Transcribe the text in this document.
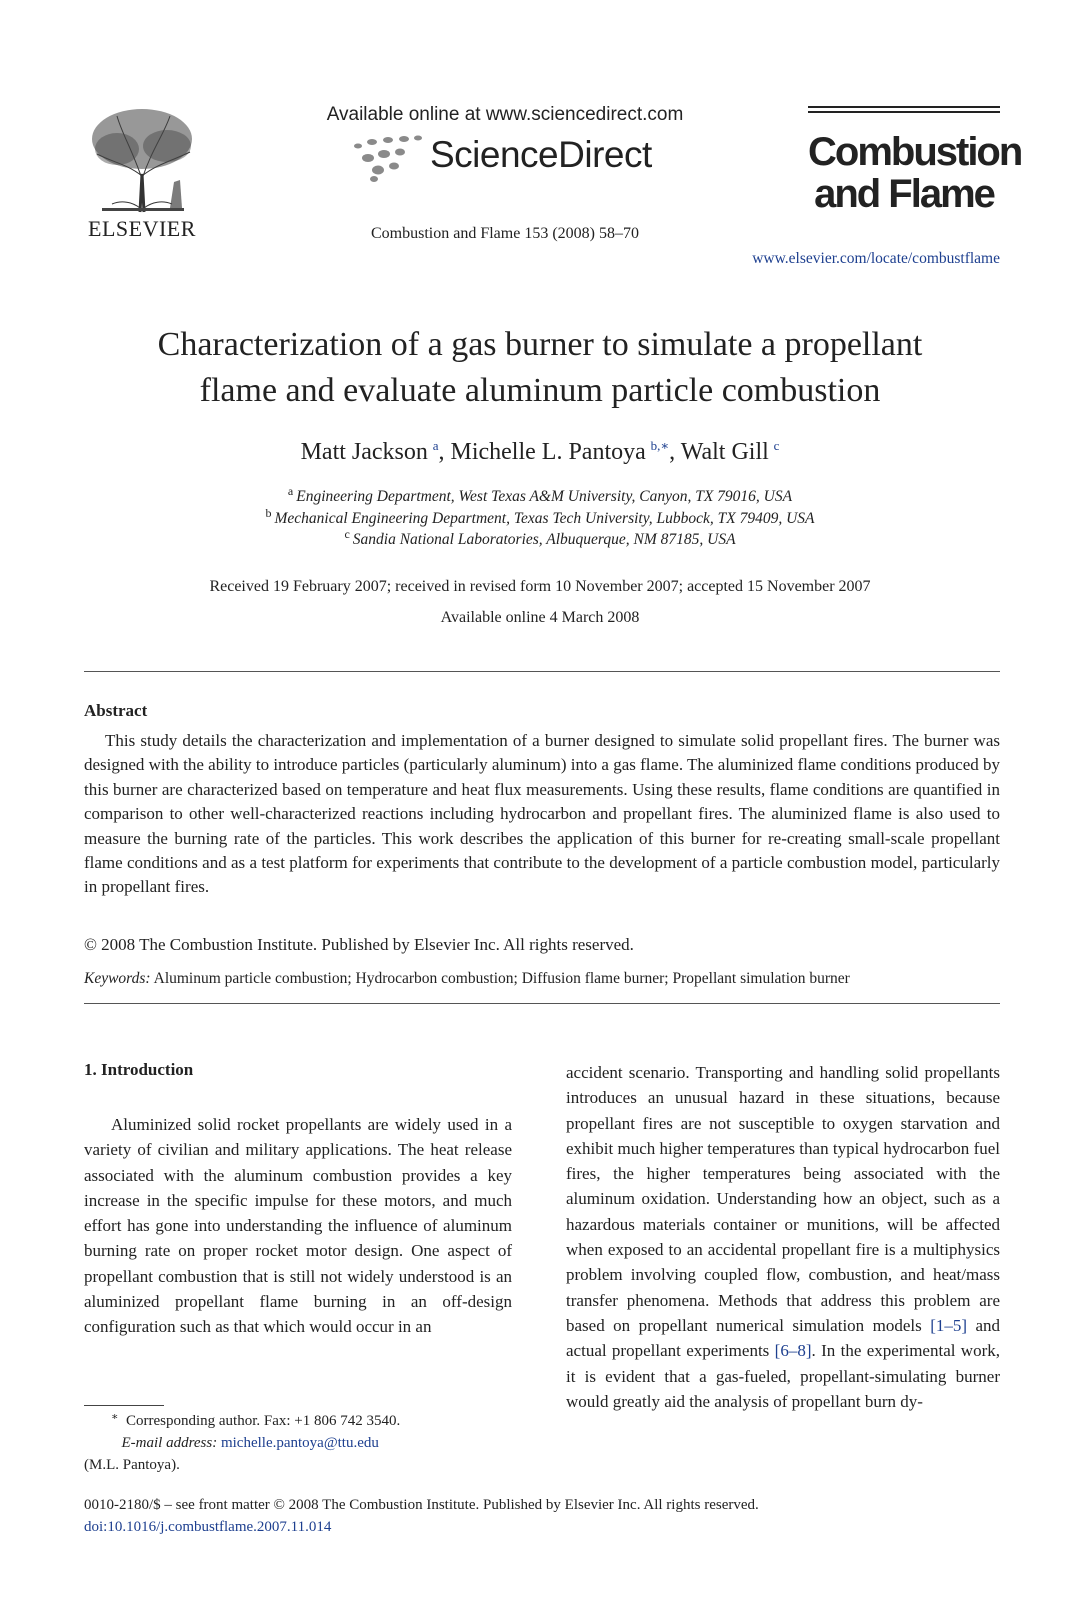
ELSEVIER
Available online at www.sciencedirect.com
ScienceDirect
Combustion and Flame 153 (2008) 58–70
Combustion
and Flame
www.elsevier.com/locate/combustflame
Characterization of a gas burner to simulate a propellant
flame and evaluate aluminum particle combustion
Matt Jackson  $^a$, Michelle L. Pantoya  $^{b,∗}$, Walt Gill  $^c$
$^a$ Engineering Department, West Texas A&M University, Canyon, TX 79016, USA
$^b$ Mechanical Engineering Department, Texas Tech University, Lubbock, TX 79409, USA
$^c$ Sandia National Laboratories, Albuquerque, NM 87185, USA
Received 19 February 2007; received in revised form 10 November 2007; accepted 15 November 2007
Available online 4 March 2008
Abstract
This study details the characterization and implementation of a burner designed to simulate solid propellant fires. The burner was designed with the ability to introduce particles (particularly aluminum) into a gas flame. The aluminized flame conditions produced by this burner are characterized based on temperature and heat flux measurements. Using these results, flame conditions are quantified in comparison to other well-characterized reactions including hydrocarbon and propellant fires. The aluminized flame is also used to measure the burning rate of the particles. This work describes the application of this burner for re-creating small-scale propellant flame conditions and as a test platform for experiments that contribute to the development of a particle combustion model, particularly in propellant fires.
© 2008 The Combustion Institute. Published by Elsevier Inc. All rights reserved.
Keywords: Aluminum particle combustion; Hydrocarbon combustion; Diffusion flame burner; Propellant simulation burner
1. Introduction
Aluminized solid rocket propellants are widely used in a variety of civilian and military applications. The heat release associated with the aluminum combustion provides a key increase in the specific impulse for these motors, and much effort has gone into understanding the influence of aluminum burning rate on proper rocket motor design. One aspect of propellant combustion that is still not widely understood is an aluminized propellant flame burning in an off-design configuration such as that which would occur in an
accident scenario. Transporting and handling solid propellants introduces an unusual hazard in these situations, because propellant fires are not susceptible to oxygen starvation and exhibit much higher temperatures than typical hydrocarbon fuel fires, the higher temperatures being associated with the aluminum oxidation. Understanding how an object, such as a hazardous materials container or munitions, will be affected when exposed to an accidental propellant fire is a multiphysics problem involving coupled flow, combustion, and heat/mass transfer phenomena. Methods that address this problem are based on propellant numerical simulation models [1–5] and actual propellant experiments [6–8]. In the experimental work, it is evident that a gas-fueled, propellant-simulating burner would greatly aid the analysis of propellant burn dy-
∗  Corresponding author. Fax: +1 806 742 3540.
  E-mail address: michelle.pantoya@ttu.edu
(M.L. Pantoya).
0010-2180/$ – see front matter © 2008 The Combustion Institute. Published by Elsevier Inc. All rights reserved.
doi:10.1016/j.combustflame.2007.11.014
